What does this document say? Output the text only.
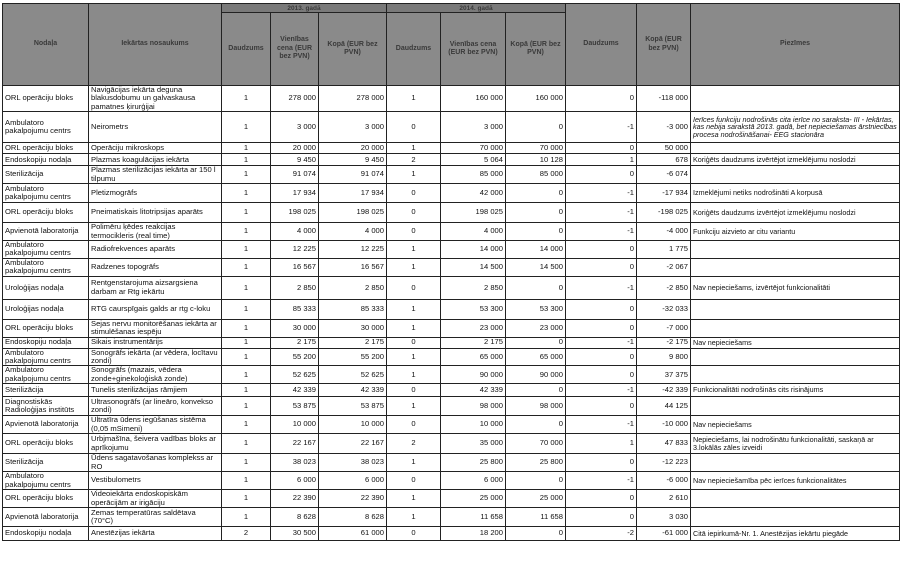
Nodaļa	Iekārtas nosaukums	2013. gadā			2014. gadā			Daudzums	Kopā (EUR bez PVN)	Piezīmes
		Daudzums	Vienības cena (EUR bez PVN)	Kopā (EUR bez PVN)	Daudzums	Vienības cena (EUR bez PVN)	Kopā (EUR bez PVN)			
ORL operāciju bloks	Navigācijas iekārta deguna blakusdobumu un galvaskausa pamatnes ķirurģijai	1	278 000	278 000	1	160 000	160 000	0	-118 000	
Ambulatoro pakalpojumu centrs	Neirometrs	1	3 000	3 000	0	3 000	0	-1	-3 000	Ierīces funkciju nodrošinās cita ierīce no saraksta- III - Iekārtas, kas nebija sarakstā 2013. gadā, bet nepieciešamas ārstniecības procesa nodrošināšanai- EEG stacionāra
ORL operāciju bloks	Operāciju mikroskops	1	20 000	20 000	1	70 000	70 000	0	50 000	
Endoskopiju nodaļa	Plazmas koagulācijas iekārta	1	9 450	9 450	2	5 064	10 128	1	678	Koriģēts daudzums izvērtējot izmeklējumu noslodzi
Sterilizācija	Plazmas sterilizācijas iekārta ar 150 l tilpumu	1	91 074	91 074	1	85 000	85 000	0	-6 074	
Ambulatoro pakalpojumu centrs	Pletizmogrāfs	1	17 934	17 934	0	42 000	0	-1	-17 934	Izmeklējumi netiks nodrošināti A korpusā
ORL operāciju bloks	Pneimatiskais litotripsijas aparāts	1	198 025	198 025	0	198 025	0	-1	-198 025	Koriģēts daudzums izvērtējot izmeklējumu noslodzi
Apvienotā laboratorija	Polimēru ķēdes reakcijas termocikleris (real time)	1	4 000	4 000	0	4 000	0	-1	-4 000	Funkciju aizvieto ar citu variantu
Ambulatoro pakalpojumu centrs	Radiofrekvences aparāts	1	12 225	12 225	1	14 000	14 000	0	1 775	
Ambulatoro pakalpojumu centrs	Radzenes topogrāfs	1	16 567	16 567	1	14 500	14 500	0	-2 067	
Uroloģijas nodaļa	Rentgenstarojuma aizsargsiena darbam ar Rtg iekārtu	1	2 850	2 850	0	2 850	0	-1	-2 850	Nav nepieciešams, izvērtējot funkcionalitāti
Uroloģijas nodaļa	RTG caurspīgais galds ar rtg c-loku	1	85 333	85 333	1	53 300	53 300	0	-32 033	
ORL operāciju bloks	Sejas nervu monitorēšanas iekārta ar stimulēšanas iespēju	1	30 000	30 000	1	23 000	23 000	0	-7 000	
Endoskopiju nodaļa	Sikais instrumentārijs	1	2 175	2 175	0	2 175	0	-1	-2 175	Nav nepieciešams
Ambulatoro pakalpojumu centrs	Sonogrāfs iekārta (ar vēdera, locītavu zondi)	1	55 200	55 200	1	65 000	65 000	0	9 800	
Ambulatoro pakalpojumu centrs	Sonogrāfs (mazais, vēdera zonde+ginekoloģiskā zonde)	1	52 625	52 625	1	90 000	90 000	0	37 375	
Sterilizācija	Tunelis sterilizācijas rāmjiem	1	42 339	42 339	0	42 339	0	-1	-42 339	Funkcionalitāti nodrošinās cits risinājums
Diagnostiskās Radioloģijas institūts	Ultrasonogrāfs (ar lineāro, konvekso zondi)	1	53 875	53 875	1	98 000	98 000	0	44 125	
Apvienotā laboratorija	Ultratīra ūdens iegūšanas sistēma (0,05 mSimeni)	1	10 000	10 000	0	10 000	0	-1	-10 000	Nav nepieciešams
ORL operāciju bloks	Urbjmašīna, šeivera vadības bloks ar aprīkojumu	1	22 167	22 167	2	35 000	70 000	1	47 833	Nepieciešams, lai nodrošinātu funkcionalitāti, saskaņā ar 3.lokālās zāles izveidi
Sterilizācija	Ūdens sagatavošanas komplekss ar RO	1	38 023	38 023	1	25 800	25 800	0	-12 223	
Ambulatoro pakalpojumu centrs	Vestibulometrs	1	6 000	6 000	0	6 000	0	-1	-6 000	Nav nepieciešamība pēc ierīces funkcionalitātes
ORL operāciju bloks	Videoiekārta endoskopiskām operācijām ar irigāciju	1	22 390	22 390	1	25 000	25 000	0	2 610	
Apvienotā laboratorija	Zemas temperatūras saldētava (70°C)	1	8 628	8 628	1	11 658	11 658	0	3 030	
Endoskopiju nodaļa	Anestēzijas iekārta	2	30 500	61 000	0	18 200	0	-2	-61 000	Citā iepirkumā-Nr. 1. Anestēzijas iekārtu piegāde
